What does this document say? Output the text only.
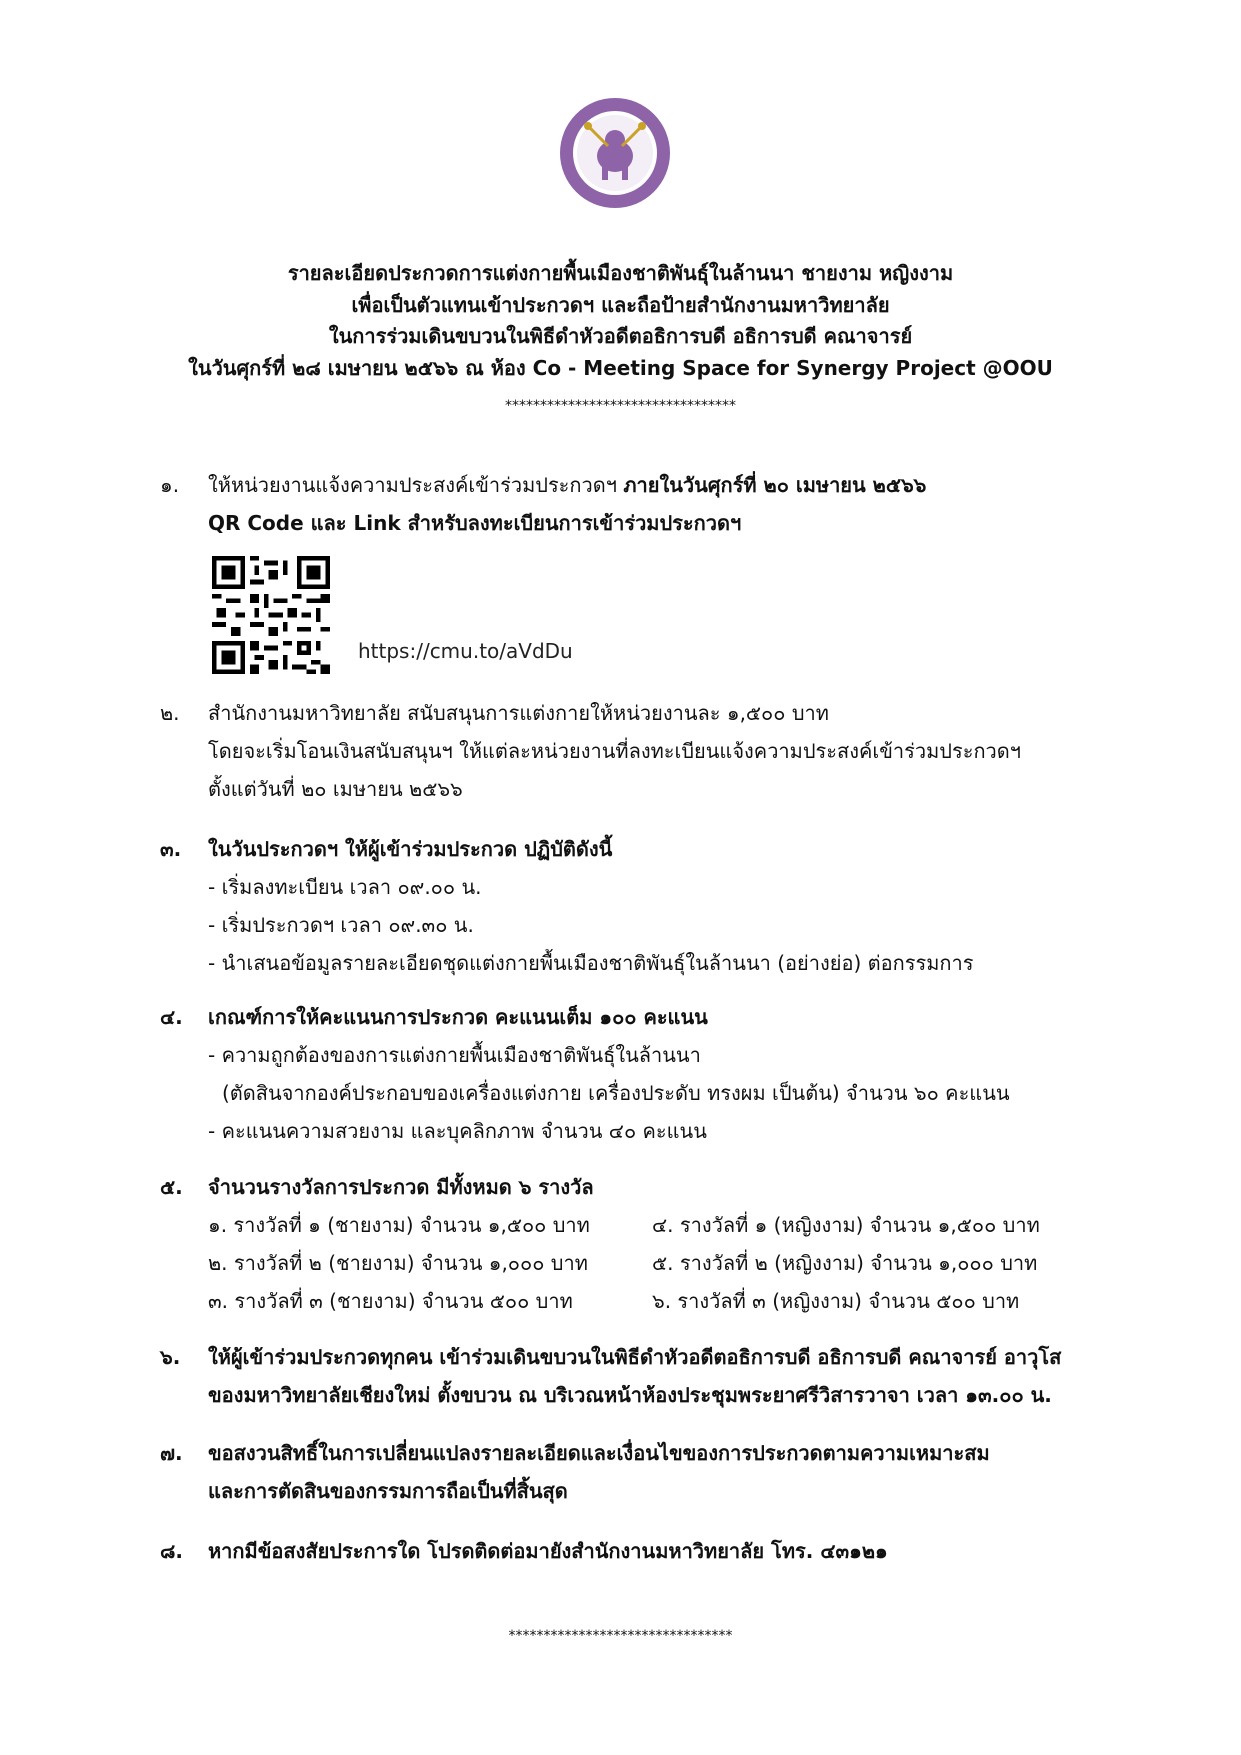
รายละเอียดประกวดการแต่งกายพื้นเมืองชาติพันธุ์ในล้านนา ชายงาม หญิงงาม
เพื่อเป็นตัวแทนเข้าประกวดฯ และถือป้ายสำนักงานมหาวิทยาลัย
ในการร่วมเดินขบวนในพิธีดำหัวอดีตอธิการบดี อธิการบดี คณาจารย์
ในวันศุกร์ที่ ๒๘ เมษายน ๒๕๖๖ ณ ห้อง Co - Meeting Space for Synergy Project @OOU
*********************************
๑. ให้หน่วยงานแจ้งความประสงค์เข้าร่วมประกวดฯ ภายในวันศุกร์ที่ ๒๐ เมษายน ๒๕๖๖
QR Code และ Link สำหรับลงทะเบียนการเข้าร่วมประกวดฯ
https://cmu.to/aVdDu
๒. สำนักงานมหาวิทยาลัย สนับสนุนการแต่งกายให้หน่วยงานละ ๑,๕๐๐ บาท
โดยจะเริ่มโอนเงินสนับสนุนฯ ให้แต่ละหน่วยงานที่ลงทะเบียนแจ้งความประสงค์เข้าร่วมประกวดฯ
ตั้งแต่วันที่ ๒๐ เมษายน ๒๕๖๖
๓. ในวันประกวดฯ ให้ผู้เข้าร่วมประกวด ปฏิบัติดังนี้
- เริ่มลงทะเบียน เวลา ๐๙.๐๐ น.
- เริ่มประกวดฯ เวลา ๐๙.๓๐ น.
- นำเสนอข้อมูลรายละเอียดชุดแต่งกายพื้นเมืองชาติพันธุ์ในล้านนา (อย่างย่อ) ต่อกรรมการ
๔. เกณฑ์การให้คะแนนการประกวด คะแนนเต็ม ๑๐๐ คะแนน
- ความถูกต้องของการแต่งกายพื้นเมืองชาติพันธุ์ในล้านนา
(ตัดสินจากองค์ประกอบของเครื่องแต่งกาย เครื่องประดับ ทรงผม เป็นต้น) จำนวน ๖๐ คะแนน
- คะแนนความสวยงาม และบุคลิกภาพ จำนวน ๔๐ คะแนน
๕. จำนวนรางวัลการประกวด มีทั้งหมด ๖ รางวัล
๑. รางวัลที่ ๑ (ชายงาม) จำนวน ๑,๕๐๐ บาท
๒. รางวัลที่ ๒ (ชายงาม) จำนวน ๑,๐๐๐ บาท
๓. รางวัลที่ ๓ (ชายงาม) จำนวน ๕๐๐ บาท
๔. รางวัลที่ ๑ (หญิงงาม) จำนวน ๑,๕๐๐ บาท
๕. รางวัลที่ ๒ (หญิงงาม) จำนวน ๑,๐๐๐ บาท
๖. รางวัลที่ ๓ (หญิงงาม) จำนวน ๕๐๐ บาท
๖. ให้ผู้เข้าร่วมประกวดทุกคน เข้าร่วมเดินขบวนในพิธีดำหัวอดีตอธิการบดี อธิการบดี คณาจารย์ อาวุโส
ของมหาวิทยาลัยเชียงใหม่ ตั้งขบวน ณ บริเวณหน้าห้องประชุมพระยาศรีวิสารวาจา เวลา ๑๓.๐๐ น.
๗. ขอสงวนสิทธิ์ในการเปลี่ยนแปลงรายละเอียดและเงื่อนไขของการประกวดตามความเหมาะสม
และการตัดสินของกรรมการถือเป็นที่สิ้นสุด
๘. หากมีข้อสงสัยประการใด โปรดติดต่อมายังสำนักงานมหาวิทยาลัย โทร. ๔๓๑๒๑
********************************
